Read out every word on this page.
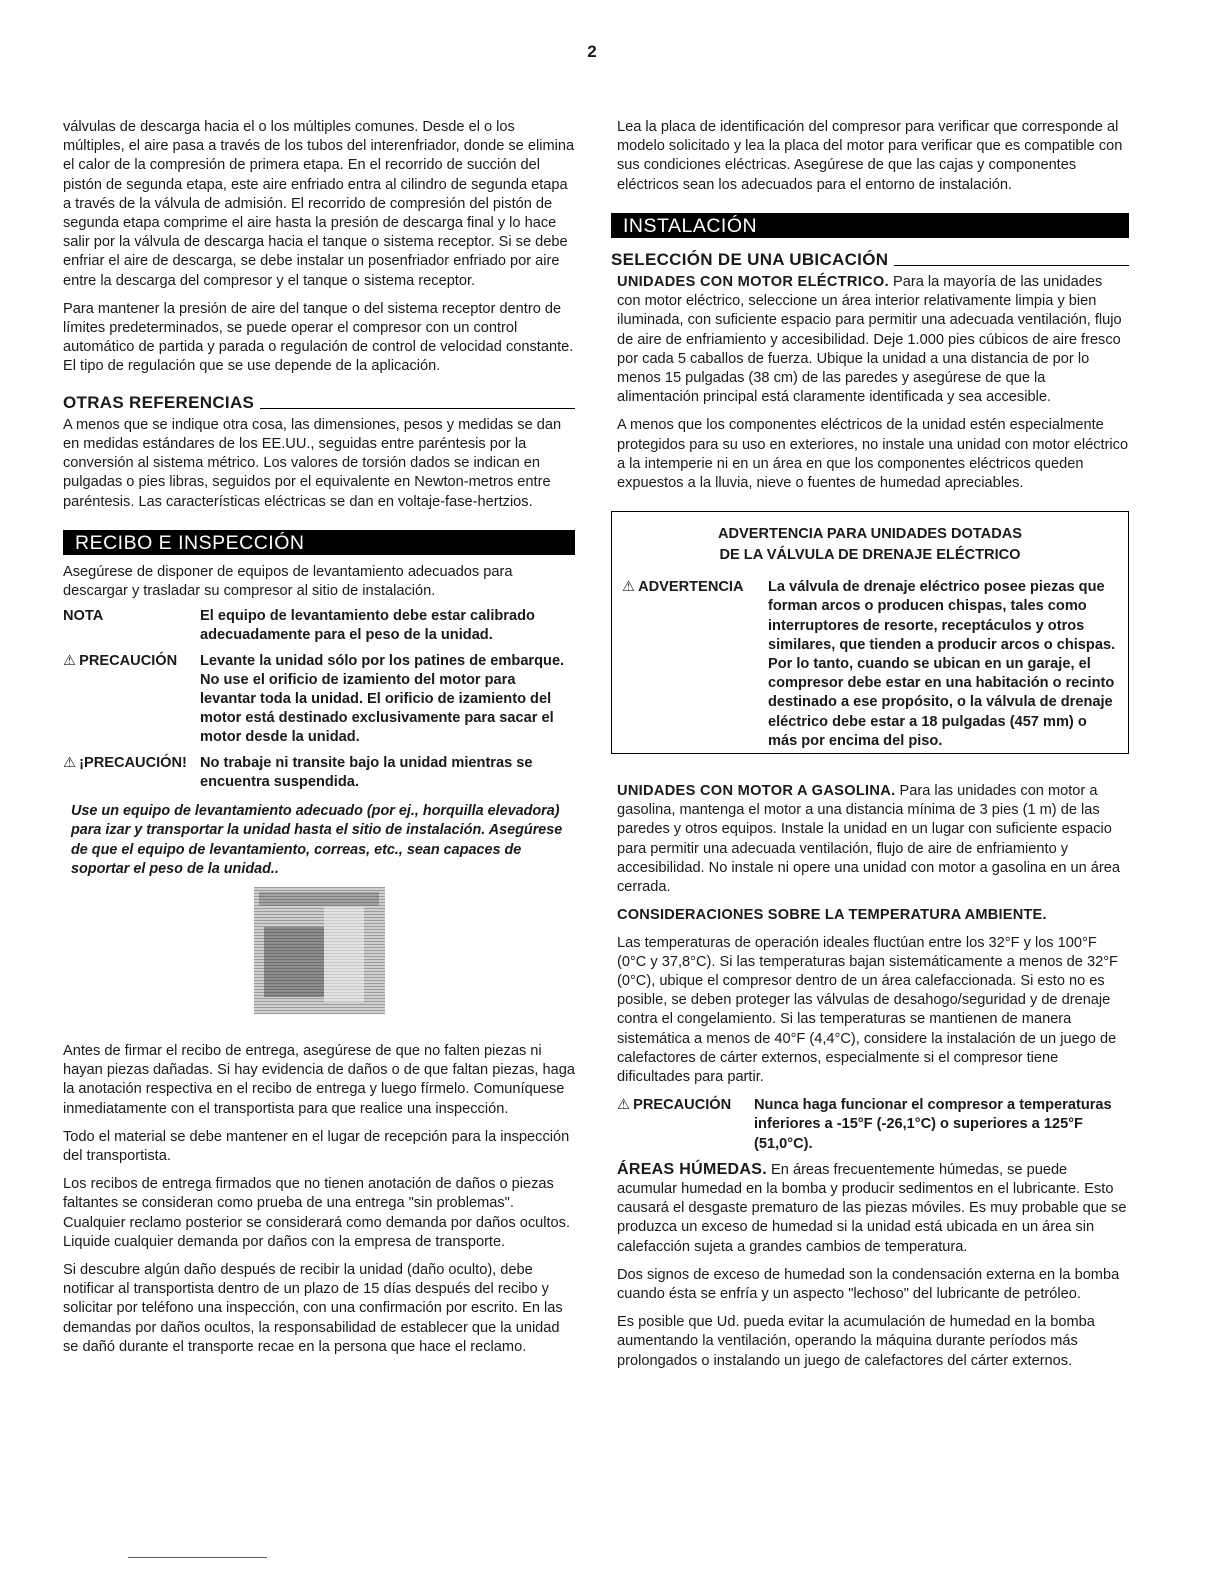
2

válvulas de descarga hacia el o los múltiples comunes. Desde el o los múltiples, el aire pasa a través de los tubos del interenfriador, donde se elimina el calor de la compresión de primera etapa. En el recorrido de succión del pistón de segunda etapa, este aire enfriado entra al cilindro de segunda etapa a través de la válvula de admisión. El recorrido de compresión del pistón de segunda etapa comprime el aire hasta la presión de descarga final y lo hace salir por la válvula de descarga hacia el tanque o sistema receptor. Si se debe enfriar el aire de descarga, se debe instalar un posenfriador enfriado por aire entre la descarga del compresor y el tanque o sistema receptor.

Para mantener la presión de aire del tanque o del sistema receptor dentro de límites predeterminados, se puede operar el compresor con un control automático de partida y parada o regulación de control de velocidad constante. El tipo de regulación que se use depende de la aplicación.

OTRAS REFERENCIAS

A menos que se indique otra cosa, las dimensiones, pesos y medidas se dan en medidas estándares de los EE.UU., seguidas entre paréntesis por la conversión al sistema métrico. Los valores de torsión dados se indican en pulgadas o pies libras, seguidos por el equivalente en Newton-metros entre paréntesis. Las características eléctricas se dan en voltaje-fase-hertzios.

RECIBO E INSPECCIÓN

Asegúrese de disponer de equipos de levantamiento adecuados para descargar y trasladar su compresor al sitio de instalación.

NOTA	El equipo de levantamiento debe estar calibrado adecuadamente para el peso de la unidad.
⚠ PRECAUCIÓN	Levante la unidad sólo por los patines de embarque. No use el orificio de izamiento del motor para levantar toda la unidad. El orificio de izamiento del motor está destinado exclusivamente para sacar el motor desde la unidad.
⚠ ¡PRECAUCIÓN! No trabaje ni transite bajo la unidad mientras se encuentra suspendida.

Use un equipo de levantamiento adecuado (por ej., horquilla elevadora) para izar y transportar la unidad hasta el sitio de instalación. Asegúrese de que el equipo de levantamiento, correas, etc., sean capaces de soportar el peso de la unidad..

Antes de firmar el recibo de entrega, asegúrese de que no falten piezas ni hayan piezas dañadas. Si hay evidencia de daños o de que faltan piezas, haga la anotación respectiva en el recibo de entrega y luego fírmelo. Comuníquese inmediatamente con el transportista para que realice una inspección.

Todo el material se debe mantener en el lugar de recepción para la inspección del transportista.

Los recibos de entrega firmados que no tienen anotación de daños o piezas faltantes se consideran como prueba de una entrega "sin problemas". Cualquier reclamo posterior se considerará como demanda por daños ocultos. Liquide cualquier demanda por daños con la empresa de transporte.

Si descubre algún daño después de recibir la unidad (daño oculto), debe notificar al transportista dentro de un plazo de 15 días después del recibo y solicitar por teléfono una inspección, con una confirmación por escrito. En las demandas por daños ocultos, la responsabilidad de establecer que la unidad se dañó durante el transporte recae en la persona que hace el reclamo.

Lea la placa de identificación del compresor para verificar que corresponde al modelo solicitado y lea la placa del motor para verificar que es compatible con sus condiciones eléctricas. Asegúrese de que las cajas y componentes eléctricos sean los adecuados para el entorno de instalación.

INSTALACIÓN
SELECCIÓN DE UNA UBICACIÓN

UNIDADES CON MOTOR ELÉCTRICO. Para la mayoría de las unidades con motor eléctrico, seleccione un área interior relativamente limpia y bien iluminada, con suficiente espacio para permitir una adecuada ventilación, flujo de aire de enfriamiento y accesibilidad. Deje 1.000 pies cúbicos de aire fresco por cada 5 caballos de fuerza. Ubique la unidad a una distancia de por lo menos 15 pulgadas (38 cm) de las paredes y asegúrese de que la alimentación principal está claramente identificada y sea accesible.

A menos que los componentes eléctricos de la unidad estén especialmente protegidos para su uso en exteriores, no instale una unidad con motor eléctrico a la intemperie ni en un área en que los componentes eléctricos queden expuestos a la lluvia, nieve o fuentes de humedad apreciables.

ADVERTENCIA PARA UNIDADES DOTADAS
DE LA VÁLVULA DE DRENAJE ELÉCTRICO
⚠ ADVERTENCIA	La válvula de drenaje eléctrico posee piezas que forman arcos o producen chispas, tales como interruptores de resorte, receptáculos y otros similares, que tienden a producir arcos o chispas. Por lo tanto, cuando se ubican en un garaje, el compresor debe estar en una habitación o recinto destinado a ese propósito, o la válvula de drenaje eléctrico debe estar a 18 pulgadas (457 mm) o más por encima del piso.

UNIDADES CON MOTOR A GASOLINA. Para las unidades con motor a gasolina, mantenga el motor a una distancia mínima de 3 pies (1 m) de las paredes y otros equipos. Instale la unidad en un lugar con suficiente espacio para permitir una adecuada ventilación, flujo de aire de enfriamiento y accesibilidad. No instale ni opere una unidad con motor a gasolina en un área cerrada.

CONSIDERACIONES SOBRE LA TEMPERATURA AMBIENTE.

Las temperaturas de operación ideales fluctúan entre los 32°F y los 100°F (0°C y 37,8°C). Si las temperaturas bajan sistemáticamente a menos de 32°F (0°C), ubique el compresor dentro de un área calefaccionada. Si esto no es posible, se deben proteger las válvulas de desahogo/seguridad y de drenaje contra el congelamiento. Si las temperaturas se mantienen de manera sistemática a menos de 40°F (4,4°C), considere la instalación de un juego de calefactores de cárter externos, especialmente si el compresor tiene dificultades para partir.

⚠ PRECAUCIÓN	Nunca haga funcionar el compresor a temperaturas inferiores a -15°F (-26,1°C) o superiores a 125°F (51,0°C).

ÁREAS HÚMEDAS. En áreas frecuentemente húmedas, se puede acumular humedad en la bomba y producir sedimentos en el lubricante. Esto causará el desgaste prematuro de las piezas móviles. Es muy probable que se produzca un exceso de humedad si la unidad está ubicada en un área sin calefacción sujeta a grandes cambios de temperatura.

Dos signos de exceso de humedad son la condensación externa en la bomba cuando ésta se enfría y un aspecto "lechoso" del lubricante de petróleo.

Es posible que Ud. pueda evitar la acumulación de humedad en la bomba aumentando la ventilación, operando la máquina durante períodos más prolongados o instalando un juego de calefactores del cárter externos.
